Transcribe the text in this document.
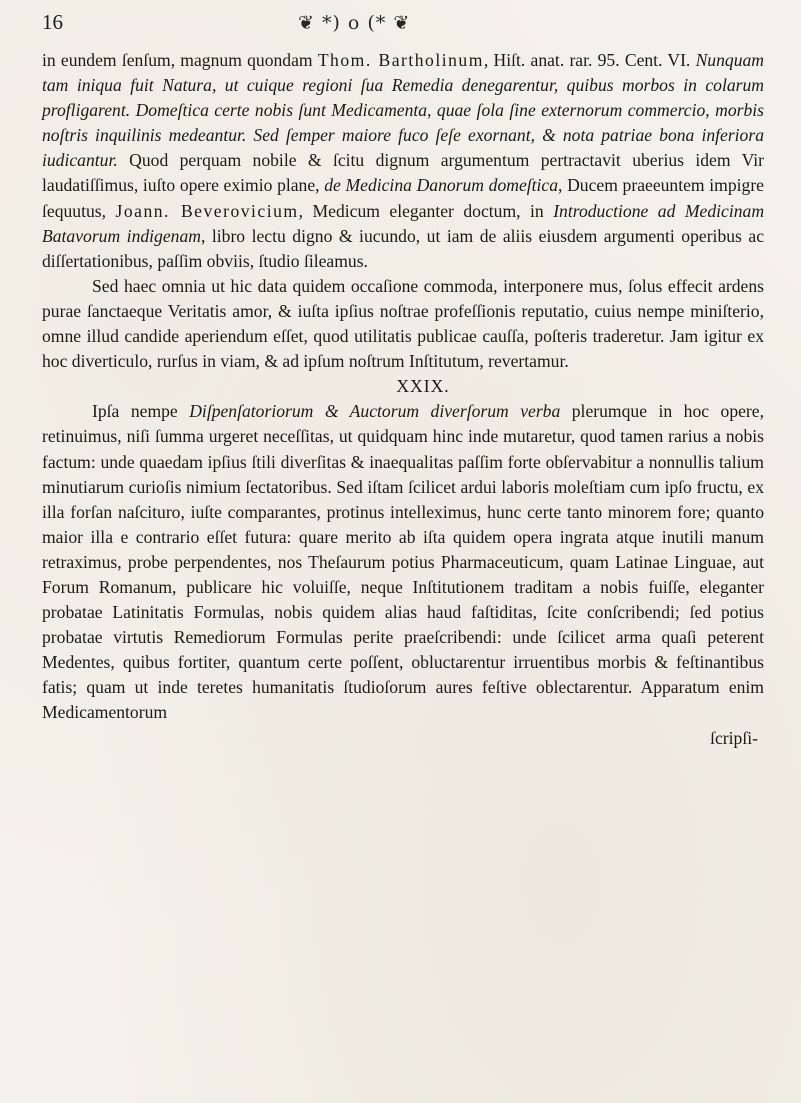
16	❦ *) o (* ❦

in eundem ſenſum, magnum quondam Thom. Bartholinum, Hiſt. anat. rar. 95. Cent. VI. Nunquam tam iniqua fuit Natura, ut cuique regioni ſua Remedia denegarentur, quibus morbos in colarum profligarent. Domeſtica certe nobis ſunt Medicamenta, quae ſola ſine externorum commercio, morbis noſtris inquilinis medeantur. Sed ſemper maiore fuco ſeſe exornant, & nota patriae bona inferiora iudicantur. Quod perquam nobile & ſcitu dignum argumentum pertractavit uberius idem Vir laudatiſſimus, iuſto opere eximio plane, de Medicina Danorum domeſtica, Ducem praeeuntem impigre ſequutus, Joann. Beverovicium, Medicum eleganter doctum, in Introductione ad Medicinam Batavorum indigenam, libro lectu digno & iucundo, ut iam de aliis eiusdem argumenti operibus ac diſſertationibus, paſſim obviis, ſtudio ſileamus.

Sed haec omnia ut hic data quidem occaſione commoda, interponere mus, ſolus effecit ardens purae ſanctaeque Veritatis amor, & iuſta ipſius noſtrae profeſſionis reputatio, cuius nempe miniſterio, omne illud candide aperiendum eſſet, quod utilitatis publicae cauſſa, poſteris traderetur. Jam igitur ex hoc diverticulo, rurſus in viam, & ad ipſum noſtrum Inſtitutum, revertamur.

XXIX.

Ipſa nempe Diſpenſatoriorum & Auctorum diverſorum verba plerumque in hoc opere, retinuimus, niſi ſumma urgeret neceſſitas, ut quidquam hinc inde mutaretur, quod tamen rarius a nobis factum: unde quaedam ipſius ſtili diverſitas & inaequalitas paſſim forte obſervabitur a nonnullis talium minutiarum curioſis nimium ſectatoribus. Sed iſtam ſcilicet ardui laboris moleſtiam cum ipſo fructu, ex illa forſan naſcituro, iuſte comparantes, protinus intelleximus, hunc certe tanto minorem fore; quanto maior illa e contrario eſſet futura: quare merito ab iſta quidem opera ingrata atque inutili manum retraximus, probe perpendentes, nos Theſaurum potius Pharmaceuticum, quam Latinae Linguae, aut Forum Romanum, publicare hic voluiſſe, neque Inſtitutionem traditam a nobis fuiſſe, eleganter probatae Latinitatis Formulas, nobis quidem alias haud faſtiditas, ſcite conſcribendi; ſed potius probatae virtutis Remediorum Formulas perite praeſcribendi: unde ſcilicet arma quaſi peterent Medentes, quibus fortiter, quantum certe poſſent, obluctarentur irruentibus morbis & feſtinantibus fatis; quam ut inde teretes humanitatis ſtudioſorum aures feſtive oblectarentur. Apparatum enim Medicamentorum

ſcripſi-
